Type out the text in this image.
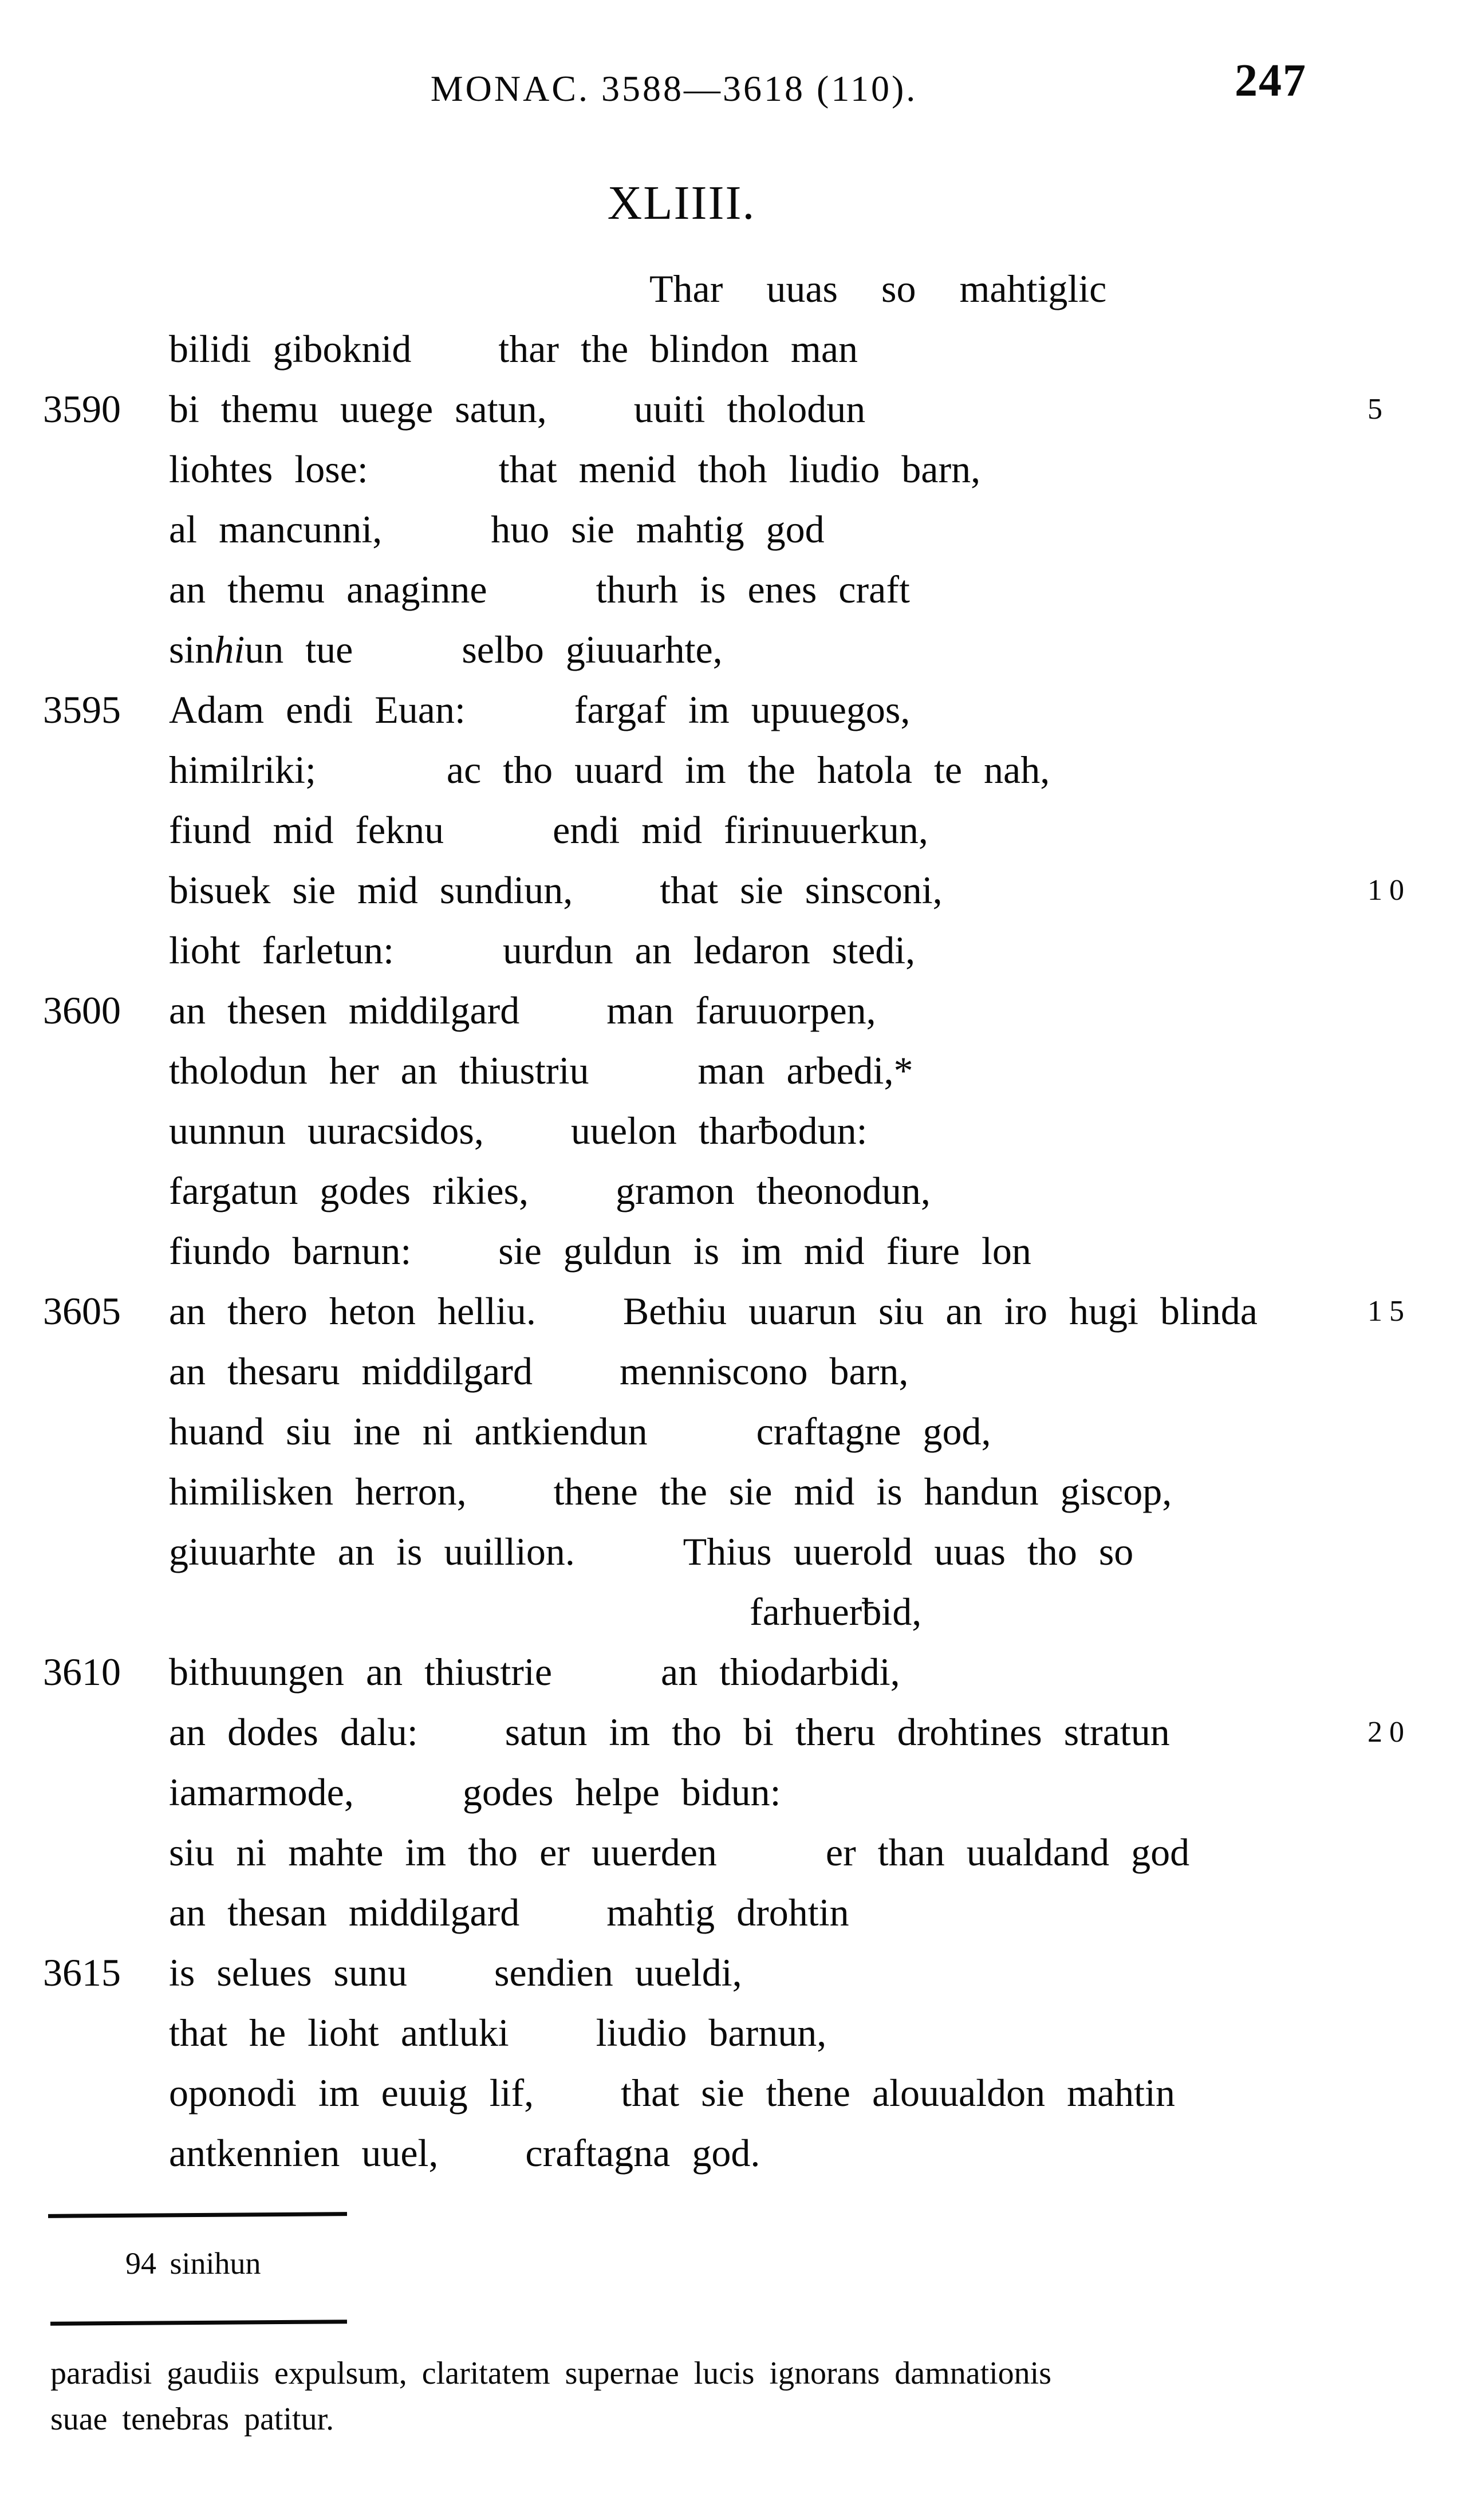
MONAC. 3588—3618 (110).	247
XLIIII.
Thar  uuas  so  mahtiglic
bilidi giboknid    thar the blindon man
3590 bi themu uuege satun,    uuiti tholodun	5
liohtes lose:      that menid thoh liudio barn,
al mancunni,     huo sie mahtig god
an themu anaginne     thurh is enes craft
sinhiun tue     selbo giuuarhte,
3595 Adam endi Euan:     fargaf im upuuegos,
himilriki;      ac tho uuard im the hatola te nah,
fiund mid feknu     endi mid firinuuerkun,
bisuek sie mid sundiun,    that sie sinsconi,	10
lioht farletun:     uurdun an ledaron stedi,
3600 an thesen middilgard    man faruuorpen,
tholodun her an thiustriu     man arbedi,*
uunnun uuracsidos,    uuelon tharƀodun:
fargatun godes rikies,    gramon theonodun,
fiundo barnun:    sie guldun is im mid fiure lon
3605 an thero heton helliu.    Bethiu uuarun siu an iro hugi blinda	15
an thesaru middilgard    menniscono barn,
huand siu ine ni antkiendun     craftagne god,
himilisken herron,    thene the sie mid is handun giscop,
giuuarhte an is uuillion.     Thius uuerold uuas tho so
farhuerƀid,
3610 bithuungen an thiustrie     an thiodarbidi,
an dodes dalu:    satun im tho bi theru drohtines stratun	20
iamarmode,     godes helpe bidun:
siu ni mahte im tho er uuerden     er than uualdand god
an thesan middilgard    mahtig drohtin
3615 is selues sunu    sendien uueldi,
that he lioht antluki    liudio barnun,
oponodi im euuig lif,    that sie thene alouualdon mahtin
antkennien uuel,    craftagna god.
94 sinihun
paradisi gaudiis expulsum, claritatem supernae lucis ignorans damnationis
suae tenebras patitur.
